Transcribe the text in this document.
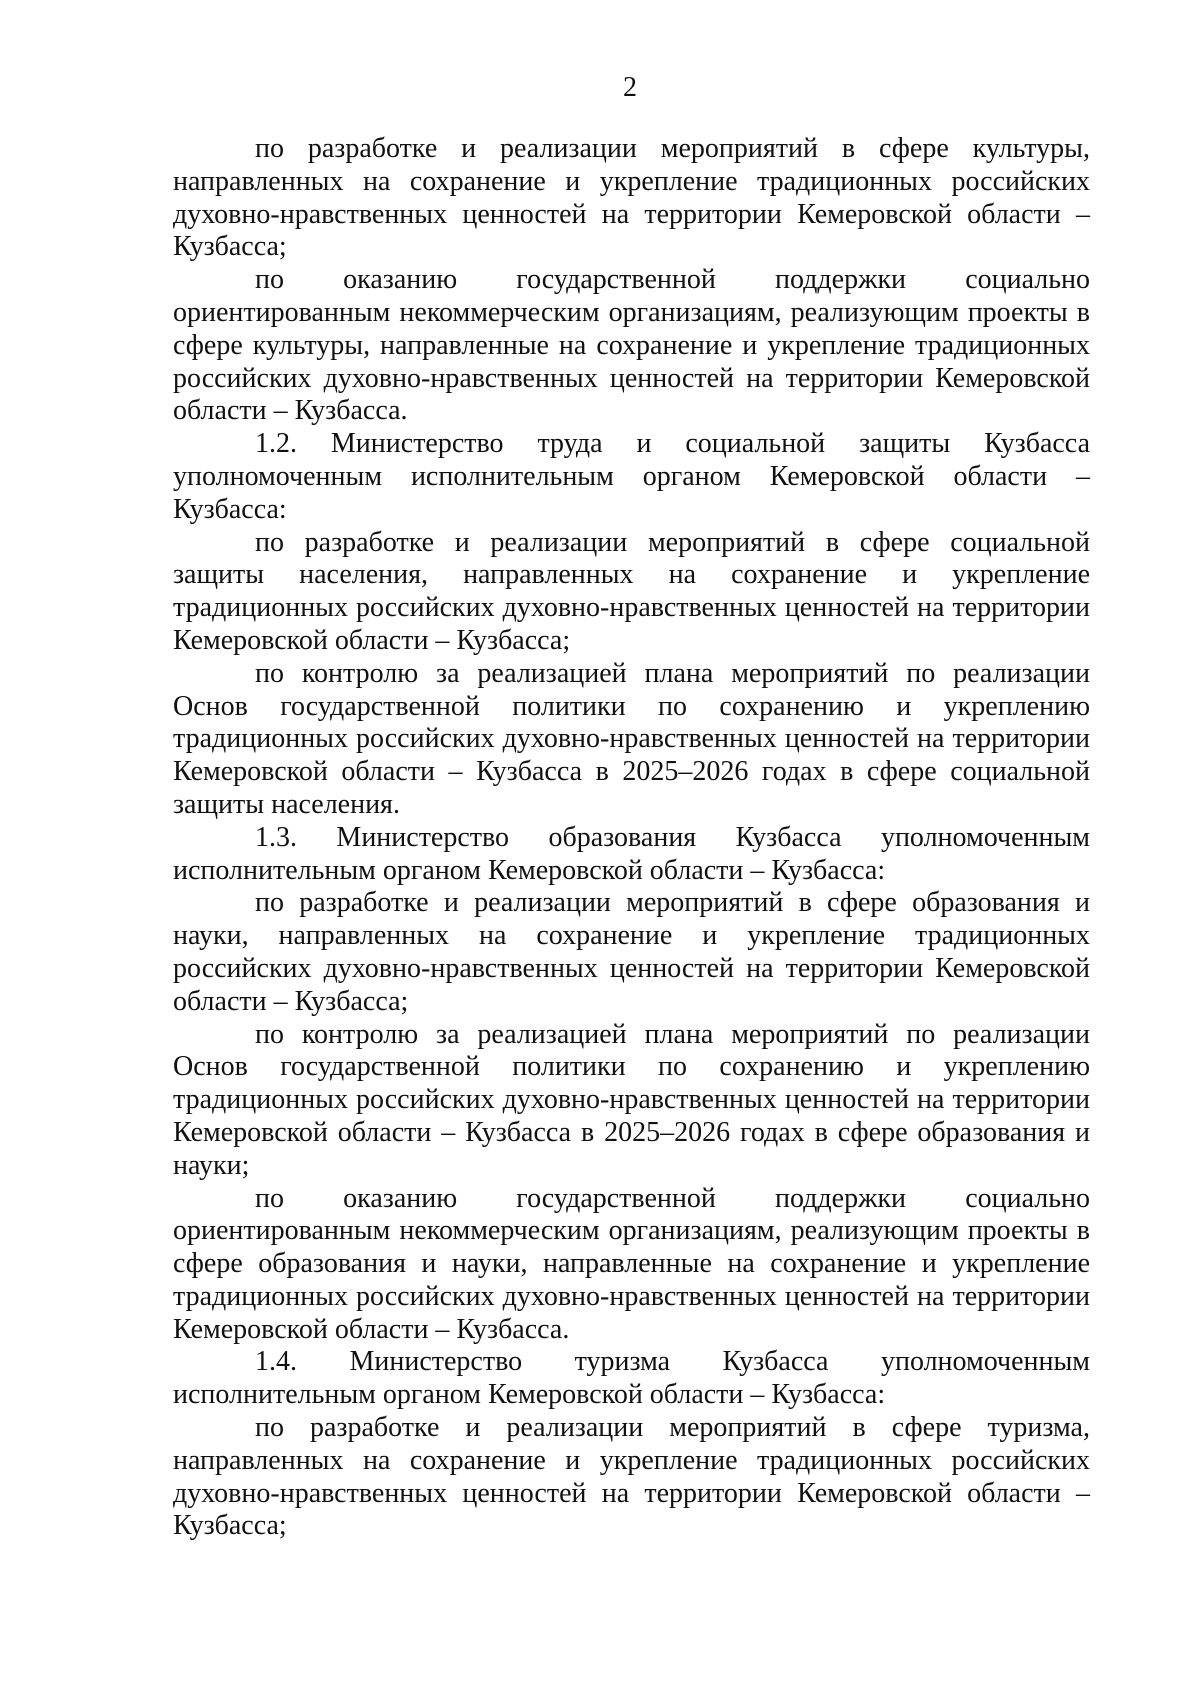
2

по разработке и реализации мероприятий в сфере культуры, направленных на сохранение и укрепление традиционных российских духовно-нравственных ценностей на территории Кемеровской области – Кузбасса;

по оказанию государственной поддержки социально ориентированным некоммерческим организациям, реализующим проекты в сфере культуры, направленные на сохранение и укрепление традиционных российских духовно-нравственных ценностей на территории Кемеровской области – Кузбасса.

1.2. Министерство труда и социальной защиты Кузбасса уполномоченным исполнительным органом Кемеровской области – Кузбасса:

по разработке и реализации мероприятий в сфере социальной защиты населения, направленных на сохранение и укрепление традиционных российских духовно-нравственных ценностей на территории Кемеровской области – Кузбасса;

по контролю за реализацией плана мероприятий по реализации Основ государственной политики по сохранению и укреплению традиционных российских духовно-нравственных ценностей на территории Кемеровской области – Кузбасса в 2025–2026 годах в сфере социальной защиты населения.

1.3. Министерство образования Кузбасса уполномоченным исполнительным органом Кемеровской области – Кузбасса:

по разработке и реализации мероприятий в сфере образования и науки, направленных на сохранение и укрепление традиционных российских духовно-нравственных ценностей на территории Кемеровской области – Кузбасса;

по контролю за реализацией плана мероприятий по реализации Основ государственной политики по сохранению и укреплению традиционных российских духовно-нравственных ценностей на территории Кемеровской области – Кузбасса в 2025–2026 годах в сфере образования и науки;

по оказанию государственной поддержки социально ориентированным некоммерческим организациям, реализующим проекты в сфере образования и науки, направленные на сохранение и укрепление традиционных российских духовно-нравственных ценностей на территории Кемеровской области – Кузбасса.

1.4. Министерство туризма Кузбасса уполномоченным исполнительным органом Кемеровской области – Кузбасса:

по разработке и реализации мероприятий в сфере туризма, направленных на сохранение и укрепление традиционных российских духовно-нравственных ценностей на территории Кемеровской области – Кузбасса;
